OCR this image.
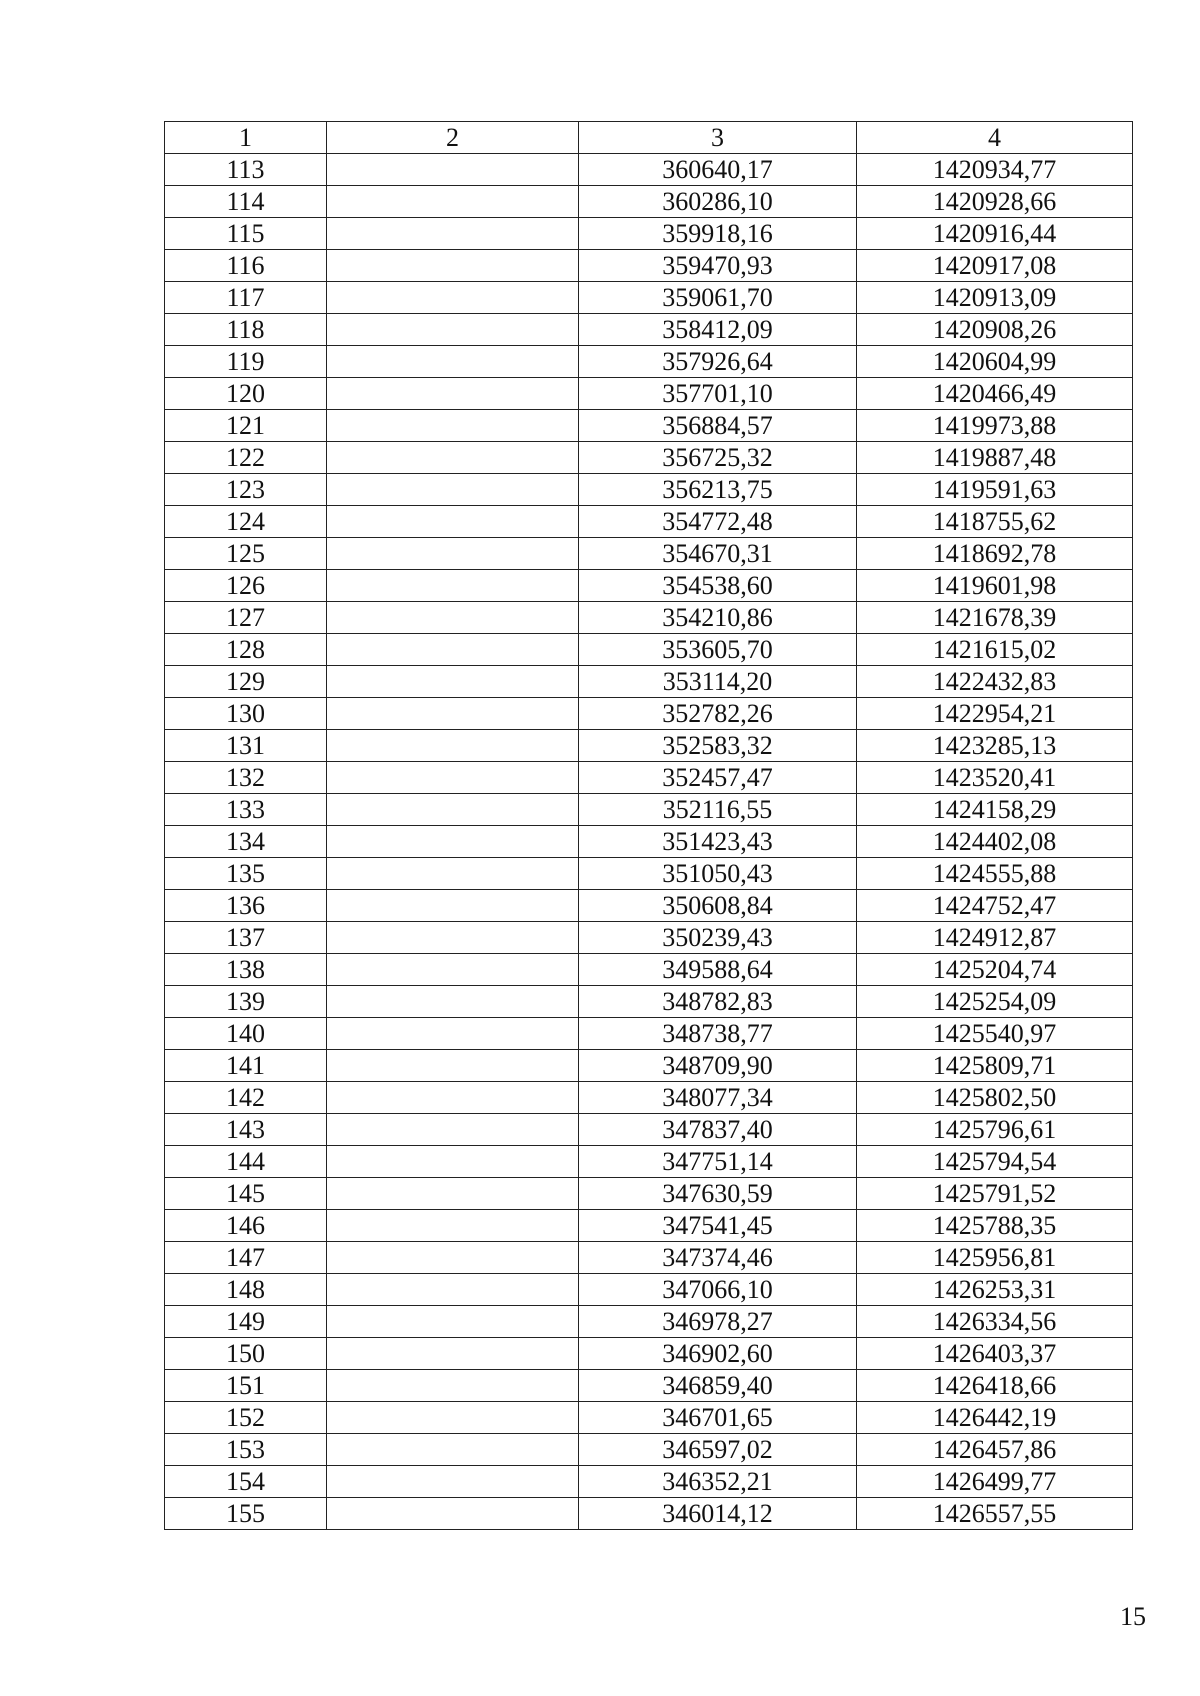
1	2	3	4
113		360640,17	1420934,77
114		360286,10	1420928,66
115		359918,16	1420916,44
116		359470,93	1420917,08
117		359061,70	1420913,09
118		358412,09	1420908,26
119		357926,64	1420604,99
120		357701,10	1420466,49
121		356884,57	1419973,88
122		356725,32	1419887,48
123		356213,75	1419591,63
124		354772,48	1418755,62
125		354670,31	1418692,78
126		354538,60	1419601,98
127		354210,86	1421678,39
128		353605,70	1421615,02
129		353114,20	1422432,83
130		352782,26	1422954,21
131		352583,32	1423285,13
132		352457,47	1423520,41
133		352116,55	1424158,29
134		351423,43	1424402,08
135		351050,43	1424555,88
136		350608,84	1424752,47
137		350239,43	1424912,87
138		349588,64	1425204,74
139		348782,83	1425254,09
140		348738,77	1425540,97
141		348709,90	1425809,71
142		348077,34	1425802,50
143		347837,40	1425796,61
144		347751,14	1425794,54
145		347630,59	1425791,52
146		347541,45	1425788,35
147		347374,46	1425956,81
148		347066,10	1426253,31
149		346978,27	1426334,56
150		346902,60	1426403,37
151		346859,40	1426418,66
152		346701,65	1426442,19
153		346597,02	1426457,86
154		346352,21	1426499,77
155		346014,12	1426557,55
15
